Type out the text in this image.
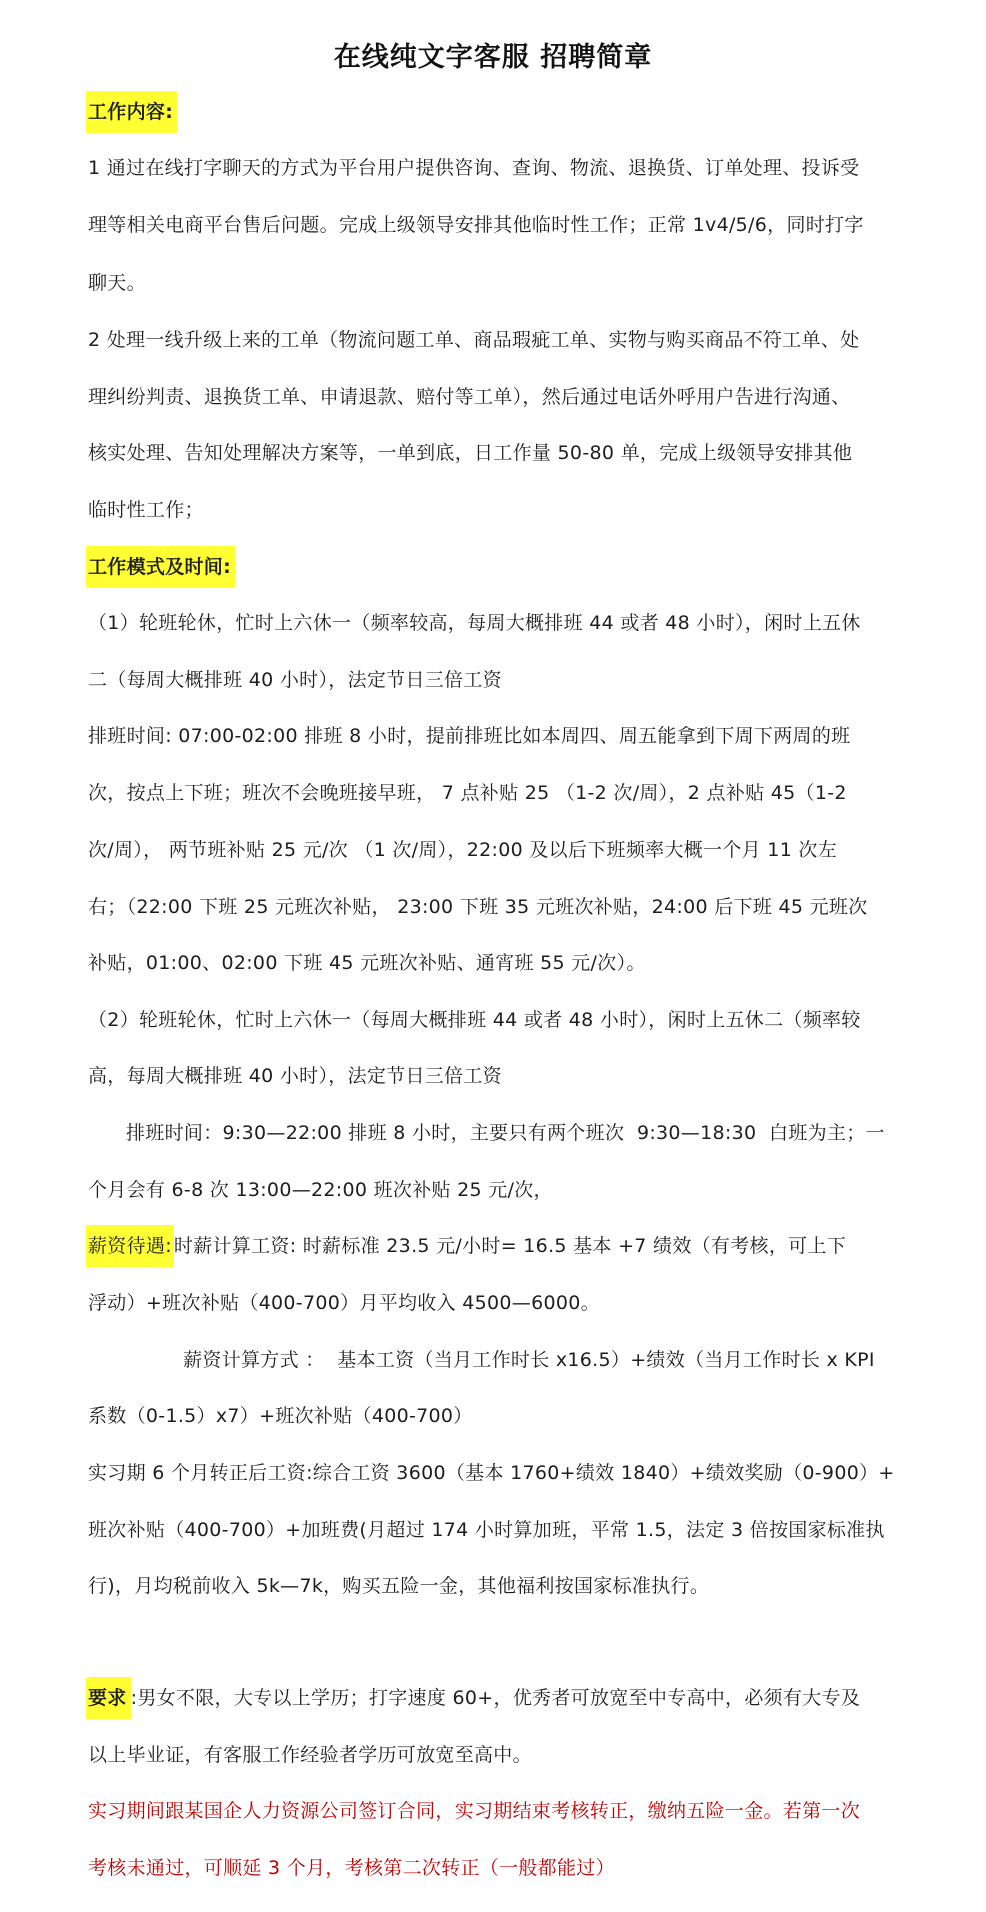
在线纯文字客服 招聘简章
工作内容:
1 通过在线打字聊天的方式为平台用户提供咨询、查询、物流、退换货、订单处理、投诉受
理等相关电商平台售后问题。完成上级领导安排其他临时性工作；正常 1v4/5/6，同时打字
聊天。
2 处理一线升级上来的工单（物流问题工单、商品瑕疵工单、实物与购买商品不符工单、处
理纠纷判责、退换货工单、申请退款、赔付等工单），然后通过电话外呼用户告进行沟通、
核实处理、告知处理解决方案等，一单到底，日工作量 50-80 单，完成上级领导安排其他
临时性工作；
工作模式及时间:
（1）轮班轮休，忙时上六休一（频率较高，每周大概排班 44 或者 48 小时），闲时上五休
二（每周大概排班 40 小时），法定节日三倍工资
排班时间: 07:00-02:00 排班 8 小时，提前排班比如本周四、周五能拿到下周下两周的班
次，按点上下班；班次不会晚班接早班， 7 点补贴 25 （1-2 次/周），2 点补贴 45（1-2
次/周）， 两节班补贴 25 元/次 （1 次/周），22:00 及以后下班频率大概一个月 11 次左
右；（22:00 下班 25 元班次补贴， 23:00 下班 35 元班次补贴，24:00 后下班 45 元班次
补贴，01:00、02:00 下班 45 元班次补贴、通宵班 55 元/次）。
（2）轮班轮休，忙时上六休一（每周大概排班 44 或者 48 小时），闲时上五休二（频率较
高，每周大概排班 40 小时），法定节日三倍工资
排班时间：9:30—22:00 排班 8 小时，主要只有两个班次  9:30—18:30  白班为主；一
个月会有 6-8 次 13:00—22:00 班次补贴 25 元/次，
薪资待遇: 时薪计算工资: 时薪标准 23.5 元/小时= 16.5 基本 +7 绩效（有考核，可上下
浮动）+班次补贴（400-700）月平均收入 4500—6000。
薪资计算方式 ：  基本工资（当月工作时长 x16.5）+绩效（当月工作时长 x KPI
系数（0-1.5）x7）+班次补贴（400-700）
实习期 6 个月转正后工资:综合工资 3600（基本 1760+绩效 1840）+绩效奖励（0-900）+
班次补贴（400-700）+加班费(月超过 174 小时算加班，平常 1.5，法定 3 倍按国家标准执
行)，月均税前收入 5k—7k，购买五险一金，其他福利按国家标准执行。
要求 :男女不限，大专以上学历；打字速度 60+，优秀者可放宽至中专高中，必须有大专及
以上毕业证，有客服工作经验者学历可放宽至高中。
实习期间跟某国企人力资源公司签订合同，实习期结束考核转正，缴纳五险一金。若第一次
考核未通过，可顺延 3 个月，考核第二次转正（一般都能过）
